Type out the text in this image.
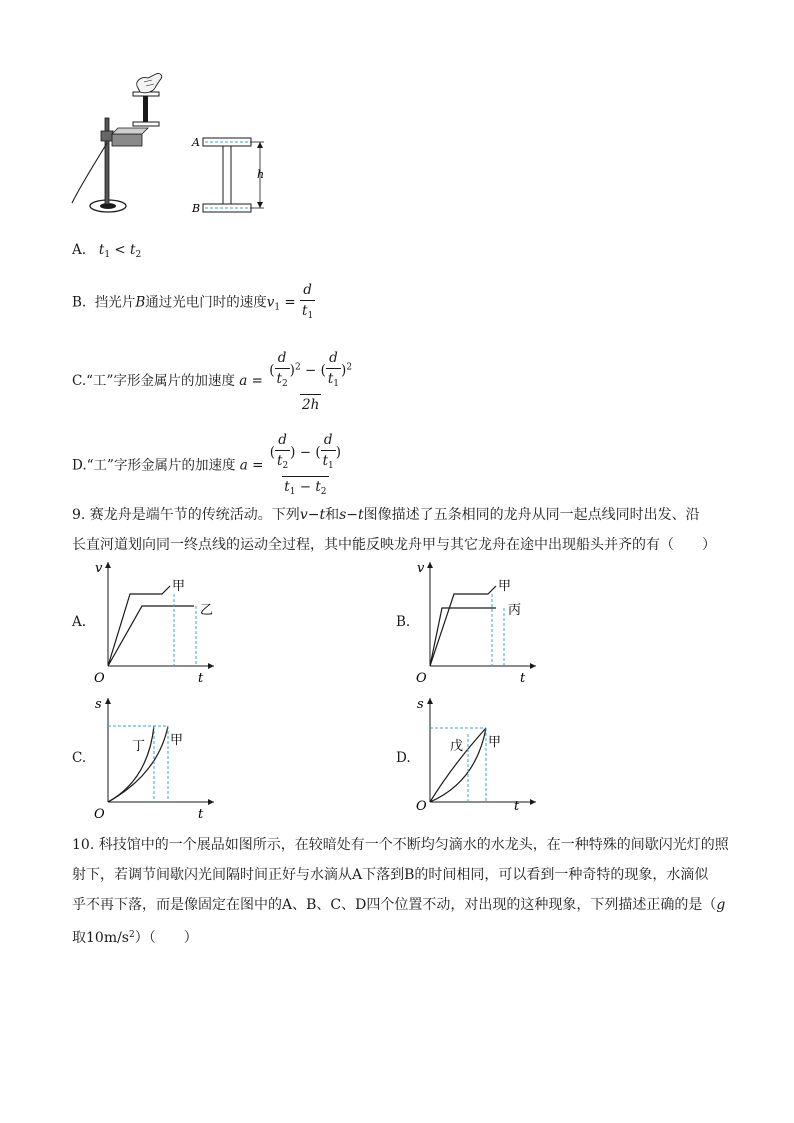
A
B
h
A. $t_1 < t_2$
B. 挡光片B通过光电门时的速度$v_1 = \frac{d}{t_1}$
C.“工”字形金属片的加速度 $a = \frac{( \frac{d}{t_2} )^2 - ( \frac{d}{t_1} )^2}{2h}$
D.“工”字形金属片的加速度 $a = \frac{( \frac{d}{t_2} ) - ( \frac{d}{t_1} )}{t_1 - t_2}$
9. 赛龙舟是端午节的传统活动。下列v−t和s−t图像描述了五条相同的龙舟从同一起点线同时出发、沿
长直河道划向同一终点线的运动全过程，其中能反映龙舟甲与其它龙舟在途中出现船头并齐的有（　　）
A.
v
t
O
甲
乙
B.
v
t
O
甲
丙
C.
s
t
O
丁 甲
D.
s
t
O
戊 甲
10. 科技馆中的一个展品如图所示，在较暗处有一个不断均匀滴水的水龙头，在一种特殊的间歇闪光灯的照
射下，若调节间歇闪光间隔时间正好与水滴从A下落到B的时间相同，可以看到一种奇特的现象，水滴似
乎不再下落，而是像固定在图中的A、B、C、D四个位置不动，对出现的这种现象，下列描述正确的是（g
取$10m/s^2$）（　　）
